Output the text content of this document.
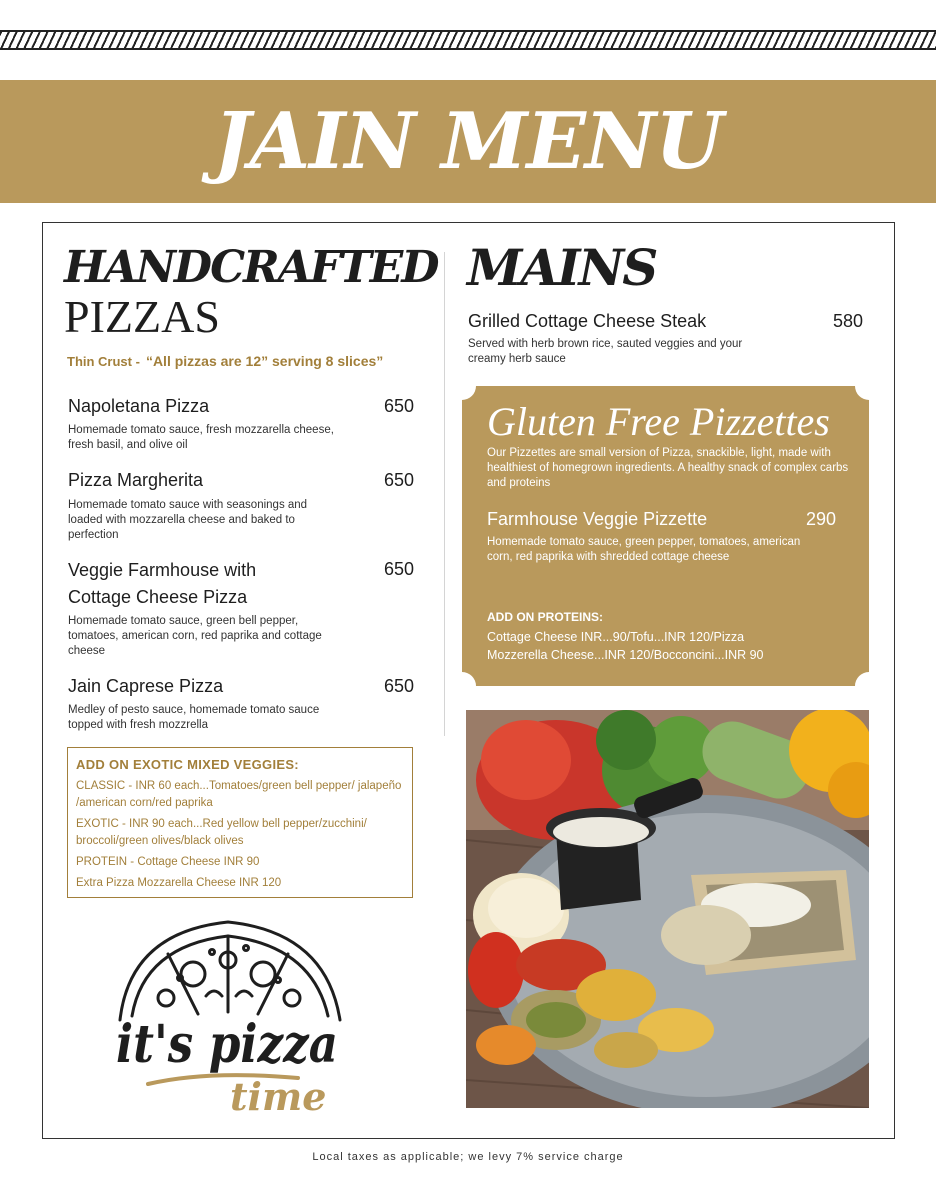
JAIN MENU
HANDCRAFTED
PIZZAS
Thin Crust - “All pizzas are 12” serving 8 slices”
Napoletana Pizza	650
Homemade tomato sauce, fresh mozzarella cheese, fresh basil, and olive oil
Pizza Margherita	650
Homemade tomato sauce with seasonings and loaded with mozzarella cheese and baked to perfection
Veggie Farmhouse with Cottage Cheese Pizza
650
Homemade tomato sauce, green bell pepper, tomatoes, american corn, red paprika and cottage cheese
Jain Caprese Pizza	650
Medley of pesto sauce, homemade tomato sauce topped with fresh mozzrella
ADD ON EXOTIC MIXED VEGGIES:
CLASSIC - INR 60 each...Tomatoes/green bell pepper/ jalapeño /american corn/red paprika
EXOTIC - INR 90 each...Red yellow bell pepper/zucchini/ broccoli/green olives/black olives
PROTEIN - Cottage Cheese INR 90
Extra Pizza Mozzarella Cheese INR 120
it's pizza
time
MAINS
Grilled Cottage Cheese Steak	580
Served with herb brown rice, sauted veggies and your creamy herb sauce
Gluten Free Pizzettes
Our Pizzettes are small version of Pizza, snackible, light, made with healthiest of homegrown ingredients. A healthy snack of complex carbs and proteins
Farmhouse Veggie Pizzette	290
Homemade tomato sauce, green pepper, tomatoes, american corn, red paprika with shredded cottage cheese
ADD ON PROTEINS:
Cottage Cheese INR...90/Tofu...INR 120/Pizza
Mozzerella Cheese...INR 120/Bocconcini...INR 90
Local taxes as applicable; we levy 7% service charge
